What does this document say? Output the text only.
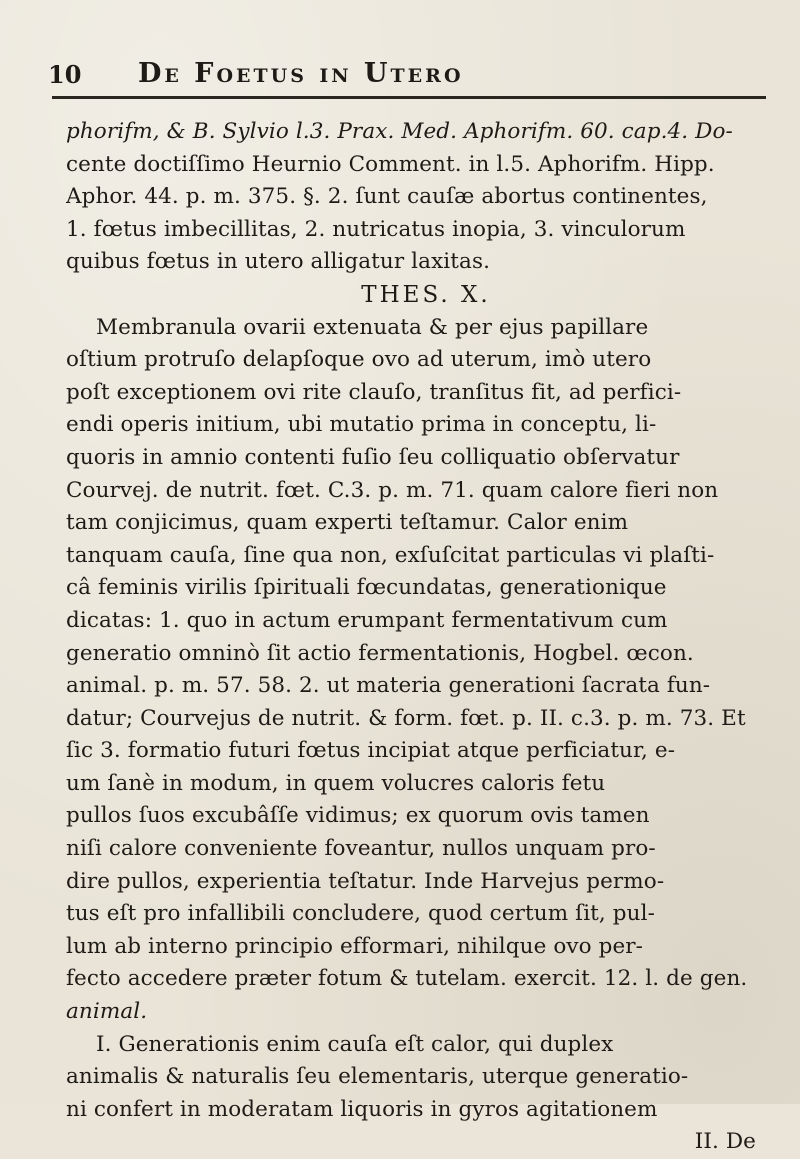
10 De Foetus in Utero
phorifm, & B. Sylvio l.3. Prax. Med. Aphorifm. 60. cap.4. Do-
cente doctiſſimo Heurnio Comment. in l.5. Aphorifm. Hipp.
Aphor. 44. p. m. 375. §. 2. ſunt cauſæ abortus continentes,
1. fœtus imbecillitas, 2. nutricatus inopia, 3. vinculorum
quibus fœtus in utero alligatur laxitas.
THES. X.
Membranula ovarii extenuata & per ejus papillare
oſtium protruſo delapſoque ovo ad uterum, imò utero
poſt exceptionem ovi rite clauſo, tranſitus fit, ad perfici-
endi operis initium, ubi mutatio prima in conceptu, li-
quoris in amnio contenti fuſio ſeu colliquatio obſervatur
Courvej. de nutrit. fœt. C.3. p. m. 71. quam calore fieri non
tam conjicimus, quam experti teſtamur. Calor enim
tanquam cauſa, ſine qua non, exſuſcitat particulas vi plaſti-
câ feminis virilis ſpirituali fœcundatas, generationique
dicatas: 1. quo in actum erumpant fermentativum cum
generatio omninò ſit actio fermentationis, Hogbel. œcon.
animal. p. m. 57. 58. 2. ut materia generationi ſacrata fun-
datur; Courvejus de nutrit. & form. fœt. p. II. c.3. p. m. 73. Et
ſic 3. formatio futuri fœtus incipiat atque perficiatur, e-
um ſanè in modum, in quem volucres caloris fetu
pullos ſuos excubâſſe vidimus; ex quorum ovis tamen
niſi calore conveniente foveantur, nullos unquam pro-
dire pullos, experientia teſtatur. Inde Harvejus permo-
tus eſt pro infallibili concludere, quod certum ſit, pul-
lum ab interno principio efformari, nihilque ovo per-
fecto accedere præter fotum & tutelam. exercit. 12. l. de gen.
animal.
I. Generationis enim cauſa eſt calor, qui duplex
animalis & naturalis ſeu elementaris, uterque generatio-
ni confert in moderatam liquoris in gyros agitationem
II. De
